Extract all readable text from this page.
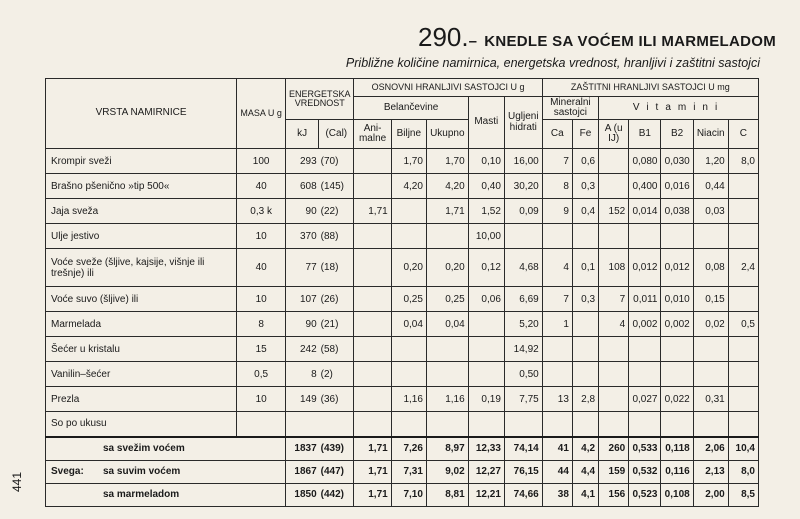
290.– KNEDLE SA VOĆEM ILI MARMELADOM
Približne količine namirnica, energetska vrednost, hranljivi i zaštitni sastojci
441
VRSTA NAMIRNICE	MASA U g	ENERGETSKA VREDNOST		OSNOVNI HRANLJIVI SASTOJCI U g					ZAŠTITNI HRANLJIVI SASTOJCI U mg						
				Belančevine			Masti	Ugljeni hidrati	Mineralni sastojci		Vitamini				
		kJ	(Cal)	Ani-malne	Biljne	Ukupno			Ca	Fe	A (u IJ)	B1	B2	Niacin	C
Krompir sveži	100	293	(70)		1,70	1,70	0,10	16,00	7	0,6		0,080	0,030	1,20	8,0
Brašno pšenično »tip 500«	40	608	(145)		4,20	4,20	0,40	30,20	8	0,3		0,400	0,016	0,44	
Jaja sveža	0,3 k	90	(22)	1,71		1,71	1,52	0,09	9	0,4	152	0,014	0,038	0,03	
Ulje jestivo	10	370	(88)				10,00								
Voće sveže (šljive, kajsije, višnje ili trešnje) ili	40	77	(18)		0,20	0,20	0,12	4,68	4	0,1	108	0,012	0,012	0,08	2,4
Voće suvo (šljive) ili	10	107	(26)		0,25	0,25	0,06	6,69	7	0,3	7	0,011	0,010	0,15	
Marmelada	8	90	(21)		0,04	0,04		5,20	1		4	0,002	0,002	0,02	0,5
Šećer u kristalu	15	242	(58)					14,92							
Vanilin–šećer	0,5	8	(2)					0,50							
Prezla	10	149	(36)		1,16	1,16	0,19	7,75	13	2,8		0,027	0,022	0,31	
So po ukusu															
sa svežim voćem		1837	(439)	1,71	7,26	8,97	12,33	74,14	41	4,2	260	0,533	0,118	2,06	10,4

Svega: sa suvim voćem		1867	(447)	1,71	7,31	9,02	12,27	76,15	44	4,4	159	0,532	0,116	2,13	8,0
sa marmeladom		1850	(442)	1,71	7,10	8,81	12,21	74,66	38	4,1	156	0,523	0,108	2,00	8,5
